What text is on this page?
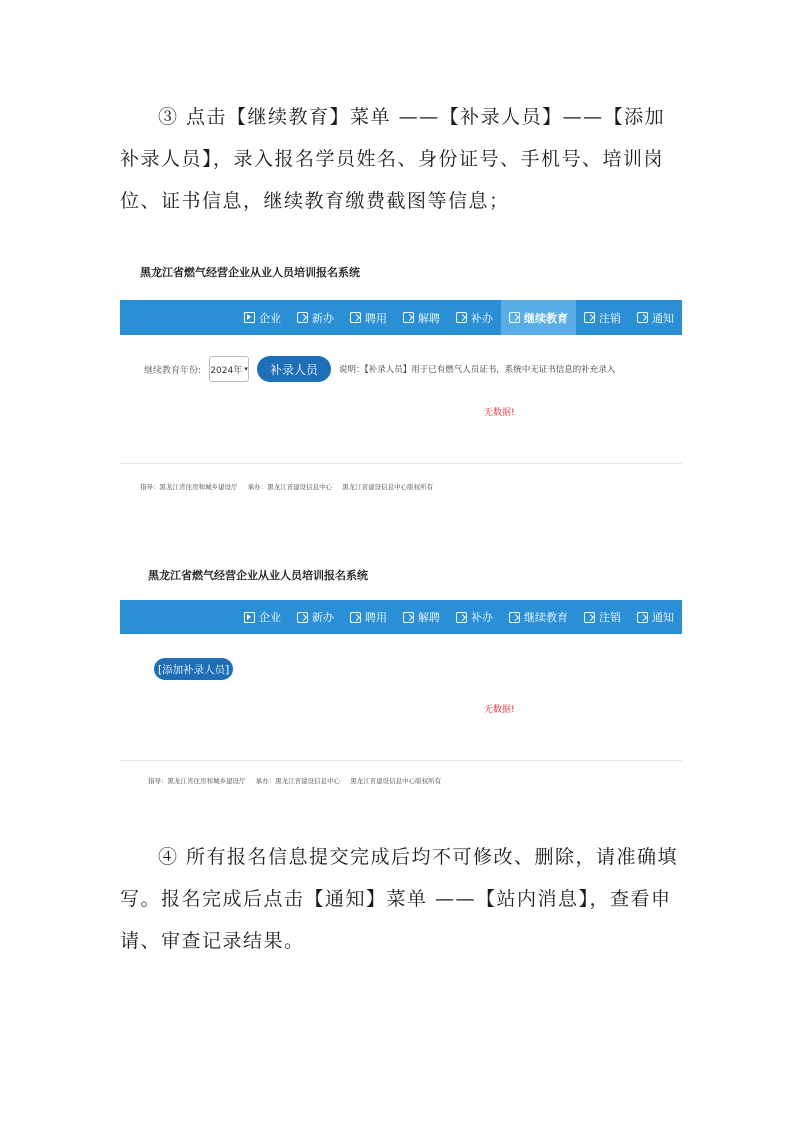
③ 点击【继续教育】菜单 ——【补录人员】——【添加补录人员】，录入报名学员姓名、身份证号、手机号、培训岗位、证书信息，继续教育缴费截图等信息；

黑龙江省燃气经营企业从业人员培训报名系统
企业	新办	聘用	解聘	补办	继续教育	注销	通知
继续教育年份: 2024年 ▾	补录人员	说明：【补录人员】用于已有燃气人员证书，系统中无证书信息的补充录入
无数据!
指导：黑龙江省住房和城乡建设厅 承办：黑龙江省建设信息中心 黑龙江省建设信息中心版权所有
黑龙江省燃气经营企业从业人员培训报名系统
企业	新办	聘用	解聘	补办	继续教育	注销	通知
[添加补录人员]
无数据!
指导：黑龙江省住房和城乡建设厅 承办：黑龙江省建设信息中心 黑龙江省建设信息中心版权所有

④ 所有报名信息提交完成后均不可修改、删除，请准确填写。报名完成后点击【通知】菜单 ——【站内消息】，查看申请、审查记录结果。
